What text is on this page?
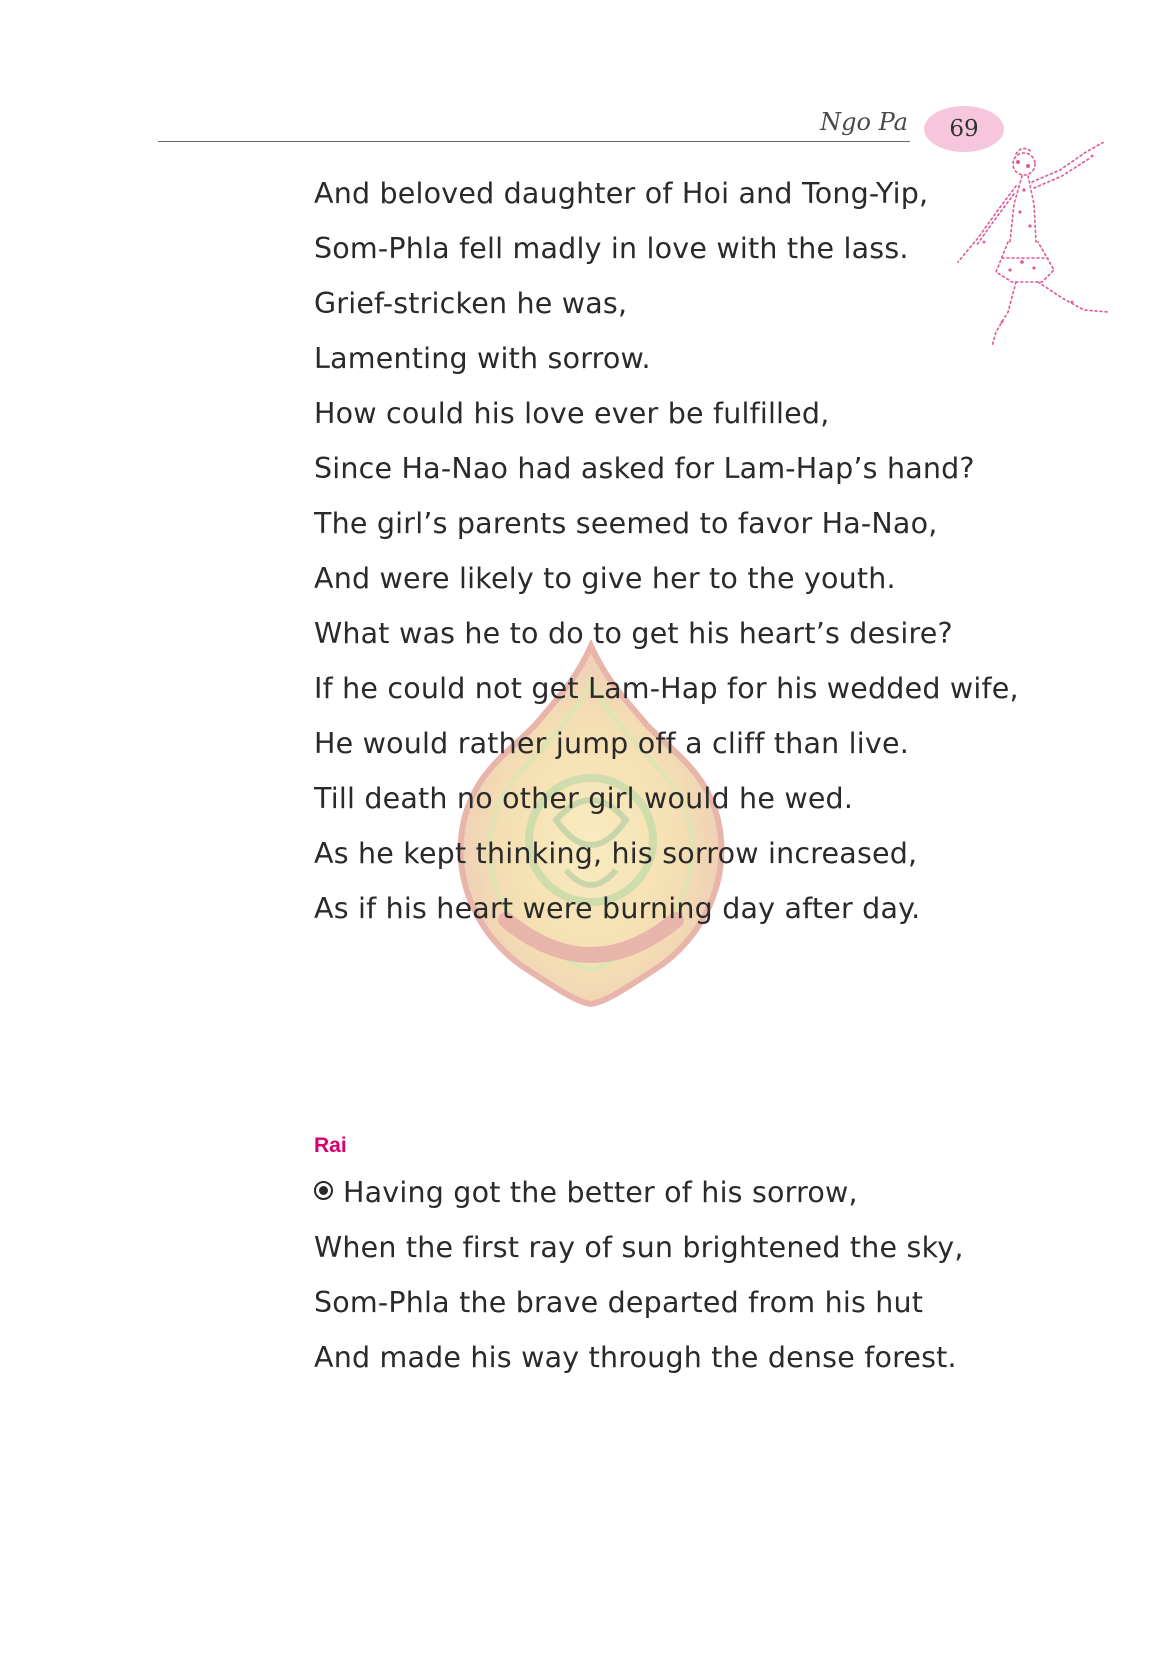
Ngo Pa 69

And beloved daughter of Hoi and Tong-Yip,

Som-Phla fell madly in love with the lass.

Grief-stricken he was,

Lamenting with sorrow.

How could his love ever be fulfilled,

Since Ha-Nao had asked for Lam-Hap’s hand?

The girl’s parents seemed to favor Ha-Nao,

And were likely to give her to the youth.

What was he to do to get his heart’s desire?

If he could not get Lam-Hap for his wedded wife,

He would rather jump off a cliff than live.

Till death no other girl would he wed.

As he kept thinking, his sorrow increased,

As if his heart were burning day after day.

Rai

Having got the better of his sorrow,

When the first ray of sun brightened the sky,

Som-Phla the brave departed from his hut

And made his way through the dense forest.
